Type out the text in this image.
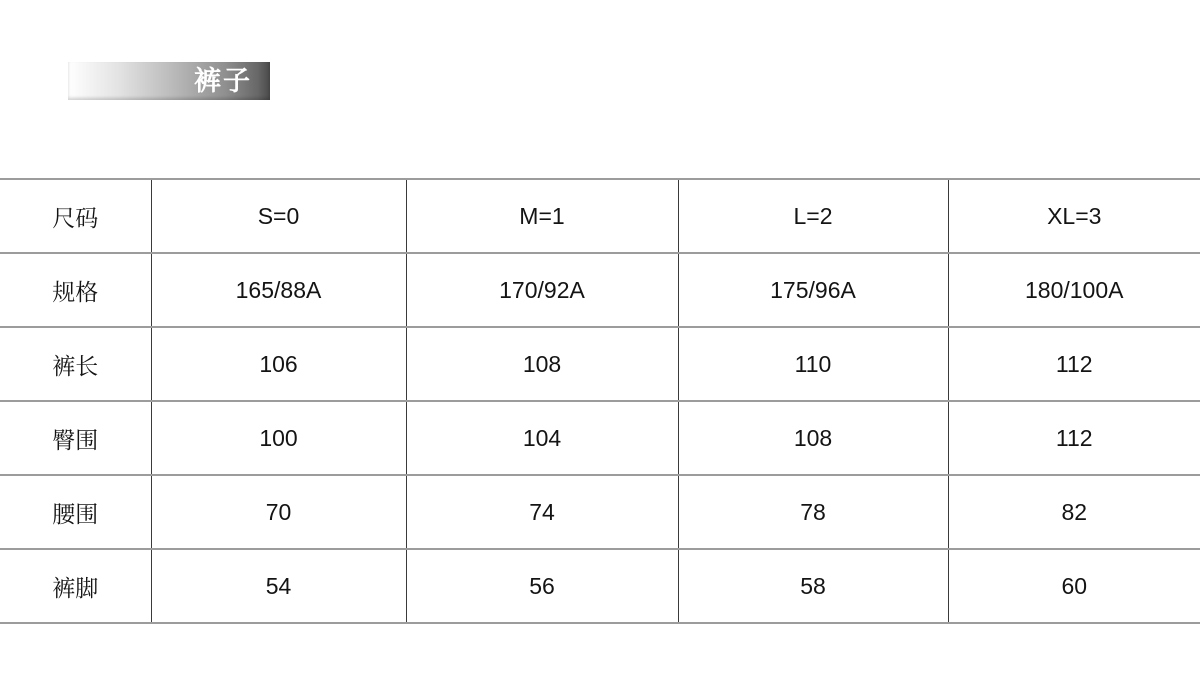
裤子
尺码	S=0	M=1	L=2	XL=3
规格	165/88A	170/92A	175/96A	180/100A
裤长	106	108	110	112
臀围	100	104	108	112
腰围	70	74	78	82
裤脚	54	56	58	60
